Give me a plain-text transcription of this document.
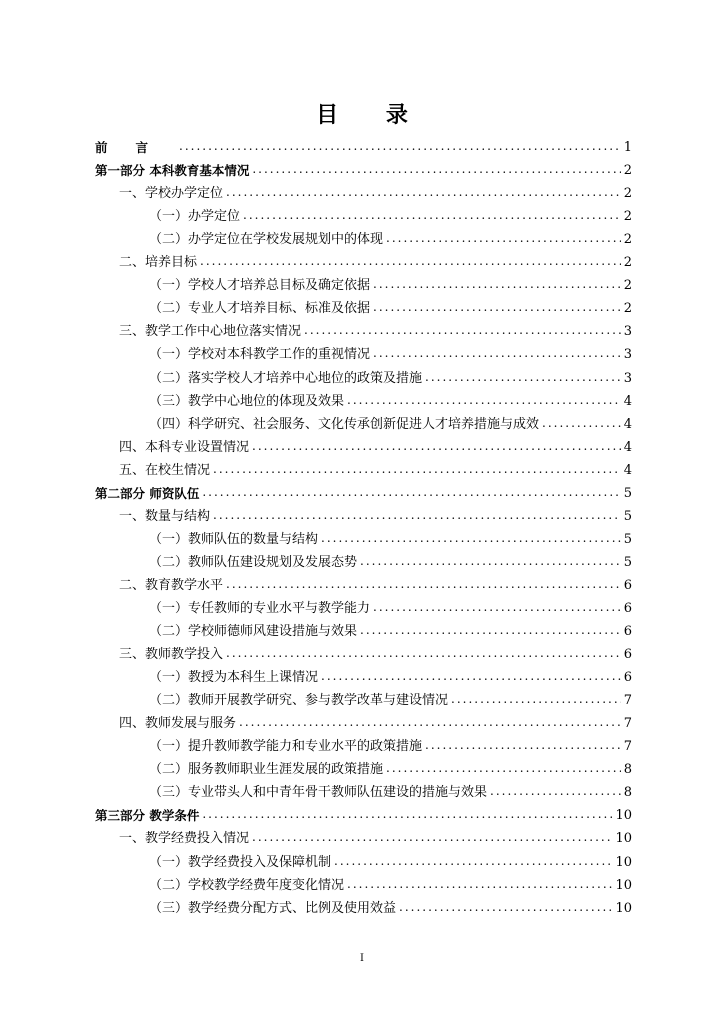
目 录
前言 .....	1
第一部分 本科教育基本情况 .....	2
一、学校办学定位 .....	2
（一）办学定位 .....	2
（二）办学定位在学校发展规划中的体现 .....	2
二、培养目标 .....	2
（一）学校人才培养总目标及确定依据 .....	2
（二）专业人才培养目标、标准及依据 .....	2
三、教学工作中心地位落实情况 .....	3
（一）学校对本科教学工作的重视情况 .....	3
（二）落实学校人才培养中心地位的政策及措施 .....	3
（三）教学中心地位的体现及效果 .....	4
（四）科学研究、社会服务、文化传承创新促进人才培养措施与成效 .....	4
四、本科专业设置情况 .....	4
五、在校生情况 .....	4
第二部分 师资队伍 .....	5
一、数量与结构 .....	5
（一）教师队伍的数量与结构 .....	5
（二）教师队伍建设规划及发展态势 .....	5
二、教育教学水平 .....	6
（一）专任教师的专业水平与教学能力 .....	6
（二）学校师德师风建设措施与效果 .....	6
三、教师教学投入 .....	6
（一）教授为本科生上课情况 .....	6
（二）教师开展教学研究、参与教学改革与建设情况 .....	7
四、教师发展与服务 .....	7
（一）提升教师教学能力和专业水平的政策措施 .....	7
（二）服务教师职业生涯发展的政策措施 .....	8
（三）专业带头人和中青年骨干教师队伍建设的措施与效果 .....	8
第三部分 教学条件 .....	10
一、教学经费投入情况 .....	10
（一）教学经费投入及保障机制 .....	10
（二）学校教学经费年度变化情况 .....	10
（三）教学经费分配方式、比例及使用效益 .....	10
I
